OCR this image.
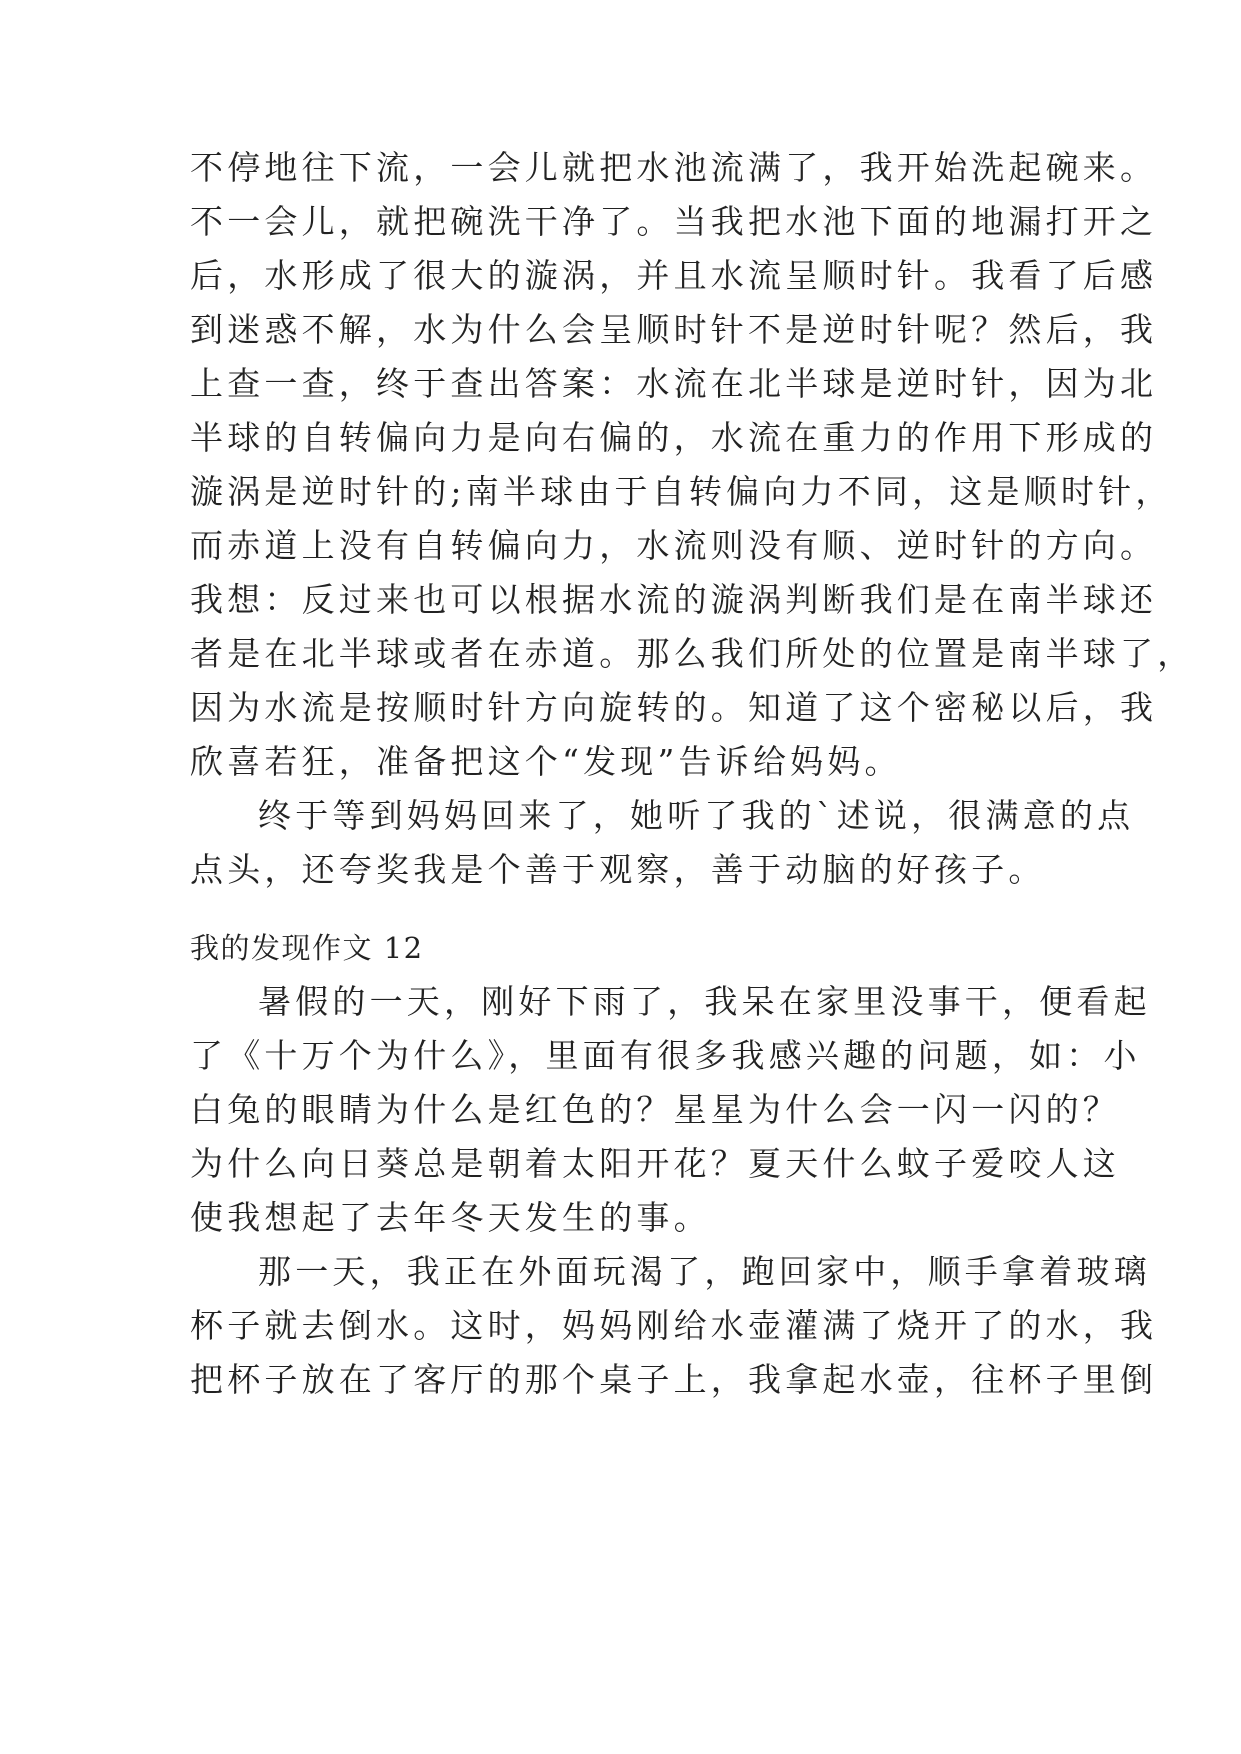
不停地往下流，一会儿就把水池流满了，我开始洗起碗来。
不一会儿，就把碗洗干净了。当我把水池下面的地漏打开之
后，水形成了很大的漩涡，并且水流呈顺时针。我看了后感
到迷惑不解，水为什么会呈顺时针不是逆时针呢？然后，我
上查一查，终于查出答案：水流在北半球是逆时针，因为北
半球的自转偏向力是向右偏的，水流在重力的作用下形成的
漩涡是逆时针的;南半球由于自转偏向力不同，这是顺时针，
而赤道上没有自转偏向力，水流则没有顺、逆时针的方向。
我想：反过来也可以根据水流的漩涡判断我们是在南半球还
者是在北半球或者在赤道。那么我们所处的位置是南半球了，
因为水流是按顺时针方向旋转的。知道了这个密秘以后，我
欣喜若狂，准备把这个“发现”告诉给妈妈。
终于等到妈妈回来了，她听了我的`述说，很满意的点
点头，还夸奖我是个善于观察，善于动脑的好孩子。
我的发现作文 12
暑假的一天，刚好下雨了，我呆在家里没事干，便看起
了《十万个为什么》，里面有很多我感兴趣的问题，如：小
白兔的眼睛为什么是红色的？星星为什么会一闪一闪的？
为什么向日葵总是朝着太阳开花？夏天什么蚊子爱咬人这
使我想起了去年冬天发生的事。
那一天，我正在外面玩渴了，跑回家中，顺手拿着玻璃
杯子就去倒水。这时，妈妈刚给水壶灌满了烧开了的水，我
把杯子放在了客厅的那个桌子上，我拿起水壶，往杯子里倒
